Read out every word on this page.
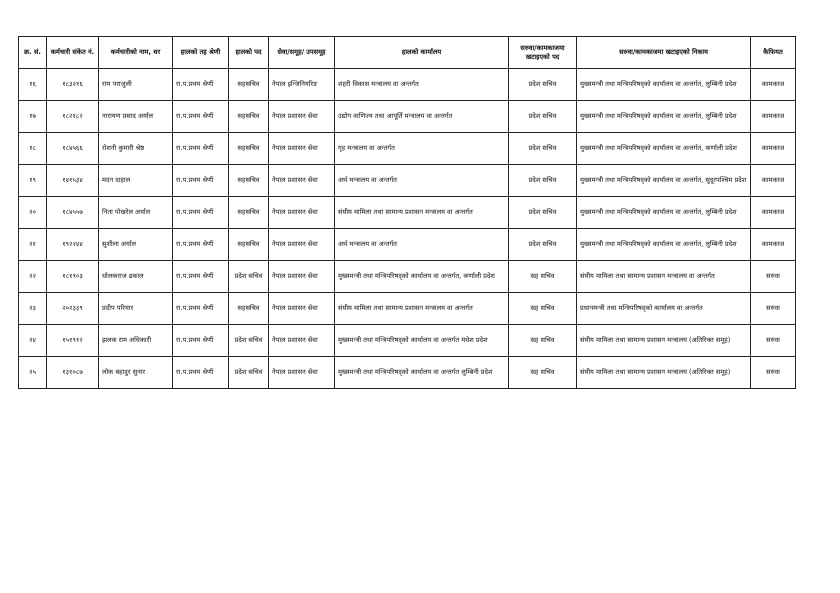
क्र. सं.	कर्मचारी संकेत नं.	कर्मचारीको नाम, थर	हालको तह श्रेणी	हालको पद	सेवा/समूह/ उपसमूह	हालको कार्यालय	सरुवा/कामकाजमा खटाइएको पद	सरुवा/कामकाजमा खटाइएको निकाय	कैफियत
१६	१८३२१६	राम पराजुली	रा.प.प्रथम श्रेणी	सहसचिव	नेपाल इन्जिनियरिङ	शहरी विकास मन्त्रालय वा अन्तर्गत	प्रदेश सचिव	मुख्यमन्त्री तथा मन्त्रिपरिषद्‌को कार्यालय वा अन्तर्गत, लुम्बिनी प्रदेश	कामकाज
१७	१८२१८२	नारायण प्रसाद अर्याल	रा.प.प्रथम श्रेणी	सहसचिव	नेपाल प्रशासन सेवा	उद्योग वाणिज्य तथा आपूर्ति मन्त्रालय वा अन्तर्गत	प्रदेश सचिव	मुख्यमन्त्री तथा मन्त्रिपरिषद्‌को कार्यालय वा अन्तर्गत, लुम्बिनी प्रदेश	कामकाज
१८	१८४५६६	रोशनी कुमारी श्रेष्ठ	रा.प.प्रथम श्रेणी	सहसचिव	नेपाल प्रशासन सेवा	गृह मन्त्रालय वा अन्तर्गत	प्रदेश सचिव	मुख्यमन्त्री तथा मन्त्रिपरिषद्‌को कार्यालय वा अन्तर्गत, कर्णाली प्रदेश	कामकाज
१९	१४१५३४	मदन दाहाल	रा.प.प्रथम श्रेणी	सहसचिव	नेपाल प्रशासन सेवा	अर्थ मन्त्रालय वा अन्तर्गत	प्रदेश सचिव	मुख्यमन्त्री तथा मन्त्रिपरिषद्‌को कार्यालय वा अन्तर्गत, सुदूरपश्चिम प्रदेश	कामकाज
२०	१८४५५७	निता पोखरेल अर्याल	रा.प.प्रथम श्रेणी	सहसचिव	नेपाल प्रशासन सेवा	संघीय मामिला तथा सामान्य प्रशासन मन्त्रालय वा अन्तर्गत	प्रदेश सचिव	मुख्यमन्त्री तथा मन्त्रिपरिषद्‌को कार्यालय वा अन्तर्गत, लुम्बिनी प्रदेश	कामकाज
२१	१९२२४४	सुशीला अर्याल	रा.प.प्रथम श्रेणी	सहसचिव	नेपाल प्रशासन सेवा	अर्थ मन्त्रालय वा अन्तर्गत	प्रदेश सचिव	मुख्यमन्त्री तथा मन्त्रिपरिषद्‌को कार्यालय वा अन्तर्गत, लुम्बिनी प्रदेश	कामकाज
२२	१८१९०३	धोलकराज ढकाल	रा.प.प्रथम श्रेणी	प्रदेश सचिव	नेपाल प्रशासन सेवा	मुख्यमन्त्री तथा मन्त्रिपरिषद्‌को कार्यालय वा अन्तर्गत, कर्णाली प्रदेश	सह सचिव	संघीय मामिला तथा सामान्य प्रशासन मन्त्रालय वा अन्तर्गत	सरुवा
२३	२०२३३९	प्रदीप परियार	रा.प.प्रथम श्रेणी	सहसचिव	नेपाल प्रशासन सेवा	संघीय मामिला तथा सामान्य प्रशासन मन्त्रालय वा अन्तर्गत	सह सचिव	प्रधानमन्त्री तथा मन्त्रिपरिषद्‌को कार्यालय वा अन्तर्गत	सरुवा
२४	१५१९१२	झलक राम अधिकारी	रा.प.प्रथम श्रेणी	प्रदेश सचिव	नेपाल प्रशासन सेवा	मुख्यमन्त्री तथा मन्त्रिपरिषद्‌को कार्यालय वा अन्तर्गत मधेश प्रदेश	सह सचिव	संघीय मामिला तथा सामान्य प्रशासन मन्त्रालय (अतिरिक्त समूह)	सरुवा
२५	१३१०८७	लोक बहादुर सुनार	रा.प.प्रथम श्रेणी	प्रदेश सचिव	नेपाल प्रशासन सेवा	मुख्यमन्त्री तथा मन्त्रिपरिषद्‌को कार्यालय वा अन्तर्गत लुम्बिनी प्रदेश	सह सचिव	संघीय मामिला तथा सामान्य प्रशासन मन्त्रालय (अतिरिक्त समूह)	सरुवा
